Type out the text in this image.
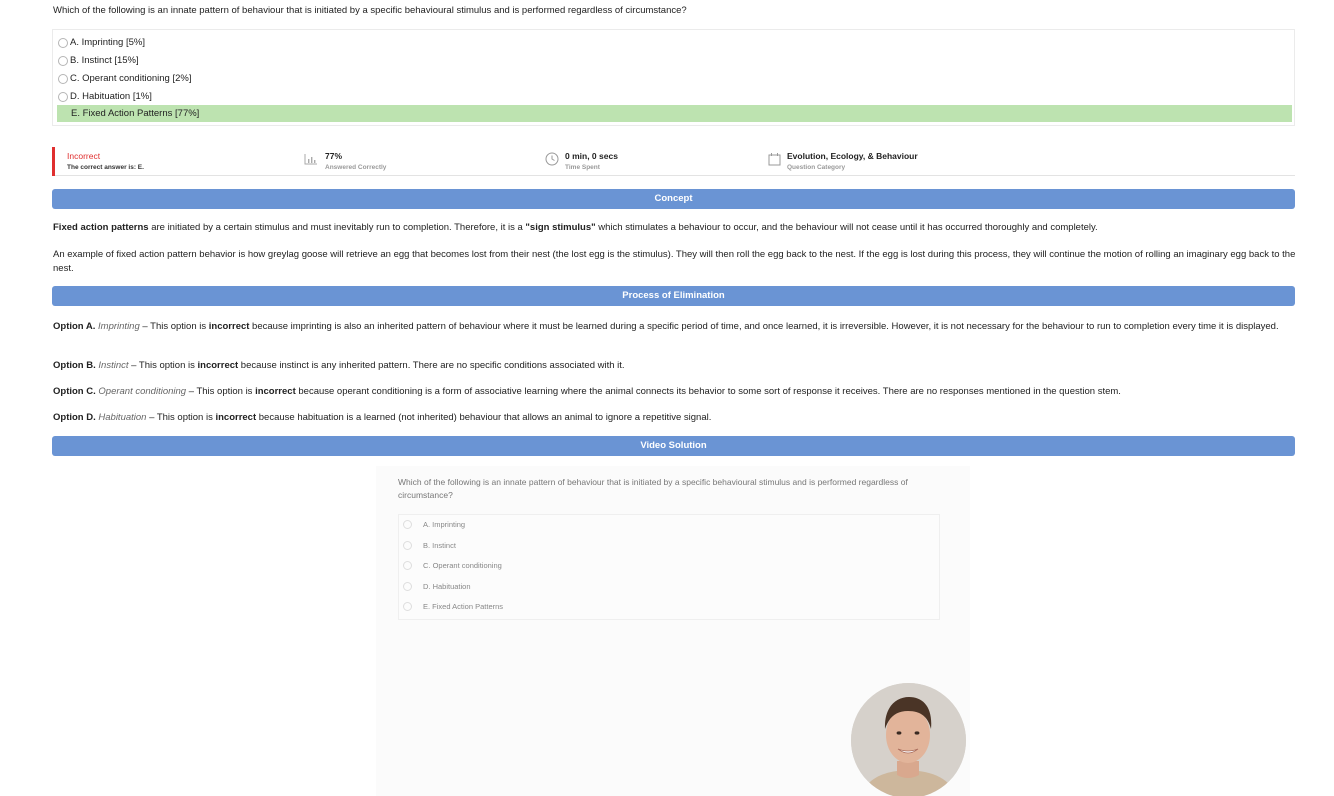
Which of the following is an innate pattern of behaviour that is initiated by a specific behavioural stimulus and is performed regardless of circumstance?
A. Imprinting [5%]
B. Instinct [15%]
C. Operant conditioning [2%]
D. Habituation [1%]
E. Fixed Action Patterns [77%]
Incorrect
The correct answer is: E.
77%
Answered Correctly
0 min, 0 secs
Time Spent
Evolution, Ecology, & Behaviour
Question Category
Concept
Fixed action patterns are initiated by a certain stimulus and must inevitably run to completion. Therefore, it is a "sign stimulus" which stimulates a behaviour to occur, and the behaviour will not cease until it has occurred thoroughly and completely.
An example of fixed action pattern behavior is how greylag goose will retrieve an egg that becomes lost from their nest (the lost egg is the stimulus). They will then roll the egg back to the nest. If the egg is lost during this process, they will continue the motion of rolling an imaginary egg back to the nest.
Process of Elimination
Option A. Imprinting – This option is incorrect because imprinting is also an inherited pattern of behaviour where it must be learned during a specific period of time, and once learned, it is irreversible. However, it is not necessary for the behaviour to run to completion every time it is displayed.
Option B. Instinct – This option is incorrect because instinct is any inherited pattern. There are no specific conditions associated with it.
Option C. Operant conditioning – This option is incorrect because operant conditioning is a form of associative learning where the animal connects its behavior to some sort of response it receives. There are no responses mentioned in the question stem.
Option D. Habituation – This option is incorrect because habituation is a learned (not inherited) behaviour that allows an animal to ignore a repetitive signal.
Video Solution
Which of the following is an innate pattern of behaviour that is initiated by a specific behavioural stimulus and is performed regardless of circumstance?
A. Imprinting
B. Instinct
C. Operant conditioning
D. Habituation
E. Fixed Action Patterns
